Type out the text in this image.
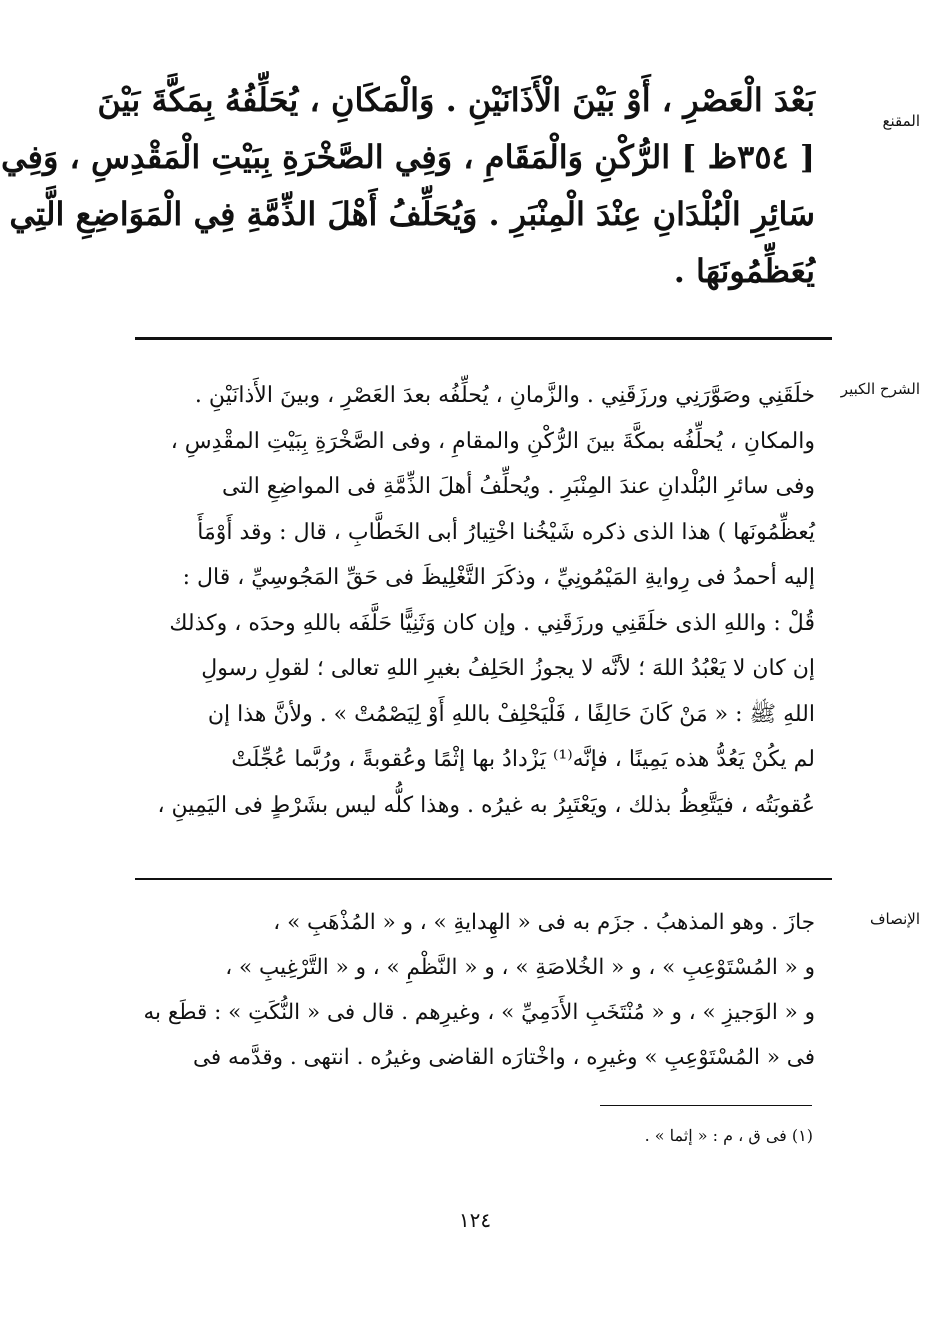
المقنع
بَعْدَ الْعَصْرِ ، أَوْ بَيْنَ الْأَذَانَيْنِ . وَالْمَكَانِ ، يُحَلِّفُهُ بِمَكَّةَ بَيْنَ
[ ٣٥٤ظ ] الرُّكْنِ وَالْمَقَامِ ، وَفِي الصَّخْرَةِ بِبَيْتِ الْمَقْدِسِ ، وَفِي
سَائِرِ الْبُلْدَانِ عِنْدَ الْمِنْبَرِ . وَيُحَلِّفُ أَهْلَ الذِّمَّةِ فِي الْمَوَاضِعِ الَّتِي
يُعَظِّمُونَهَا .
الشرح الكبير
خلَقَنِي وصَوَّرَنِي ورزَقَنِي . والزَّمانِ ، يُحلِّفُه بعدَ العَصْرِ ، وبينَ الأَذانَيْنِ .
والمكانِ ، يُحلِّفُه بمكَّةَ بينَ الرُّكْنِ والمقامِ ، وفى الصَّخْرَةِ بِبَيْتِ المقْدِسِ ،
وفى سائرِ البُلْدانِ عندَ المِنْبَرِ . ويُحلِّفُ أهلَ الذِّمَّةِ فى المواضِعِ التى
يُعظِّمُونَها ) هذا الذى ذكره شَيْخُنا اخْتِيارُ أبى الخَطَّابِ ، قال : وقد أَوْمَأَ
إليه أحمدُ فى رِوايةِ المَيْمُونِيِّ ، وذكَرَ التَّغْلِيظَ فى حَقِّ المَجُوسِيِّ ، قال :
قُلْ : واللهِ الذى خلَقَنِي ورزَقَنِي . وإن كان وَثَنِيًّا حَلَّفَه باللهِ وحدَه ، وكذلك
إن كان لا يَعْبُدُ اللهَ ؛ لأنَّه لا يجوزُ الحَلِفُ بغيرِ اللهِ تعالى ؛ لقولِ رسولِ
اللهِ ﷺ : « مَنْ كَانَ حَالِفًا ، فَلْيَحْلِفْ باللهِ أَوْ لِيَصْمُتْ » . ولأنَّ هذا إن
لم يكُنْ يَعُدُّ هذه يَمِينًا ، فإنَّه⁽¹⁾ يَزْدادُ بها إثْمًا وعُقوبةً ، ورُبَّما عُجِّلَتْ
عُقوبَتُه ، فيَتَّعِظُ بذلك ، ويَعْتَبِرُ به غيرُه . وهذا كلُّه ليس بشَرْطٍ فى اليَمِينِ ،
الإنصاف
جازَ . وهو المذهبُ . جزَم به فى « الهِدايةِ » ، و « المُذْهَبِ » ،
و « المُسْتَوْعِبِ » ، و « الخُلاصَةِ » ، و « النَّظْمِ » ، و « التَّرْغِيبِ » ،
و « الوَجيزِ » ، و « مُنْتَخَبِ الأَدَمِيِّ » ، وغيرِهم . قال فى « النُّكَتِ » : قطَع به
فى « المُسْتَوْعِبِ » وغيرِه ، واخْتارَه القاضى وغيرُه . انتهى . وقدَّمه فى
(١) فى ق ، م : « إثما » .
١٢٤
